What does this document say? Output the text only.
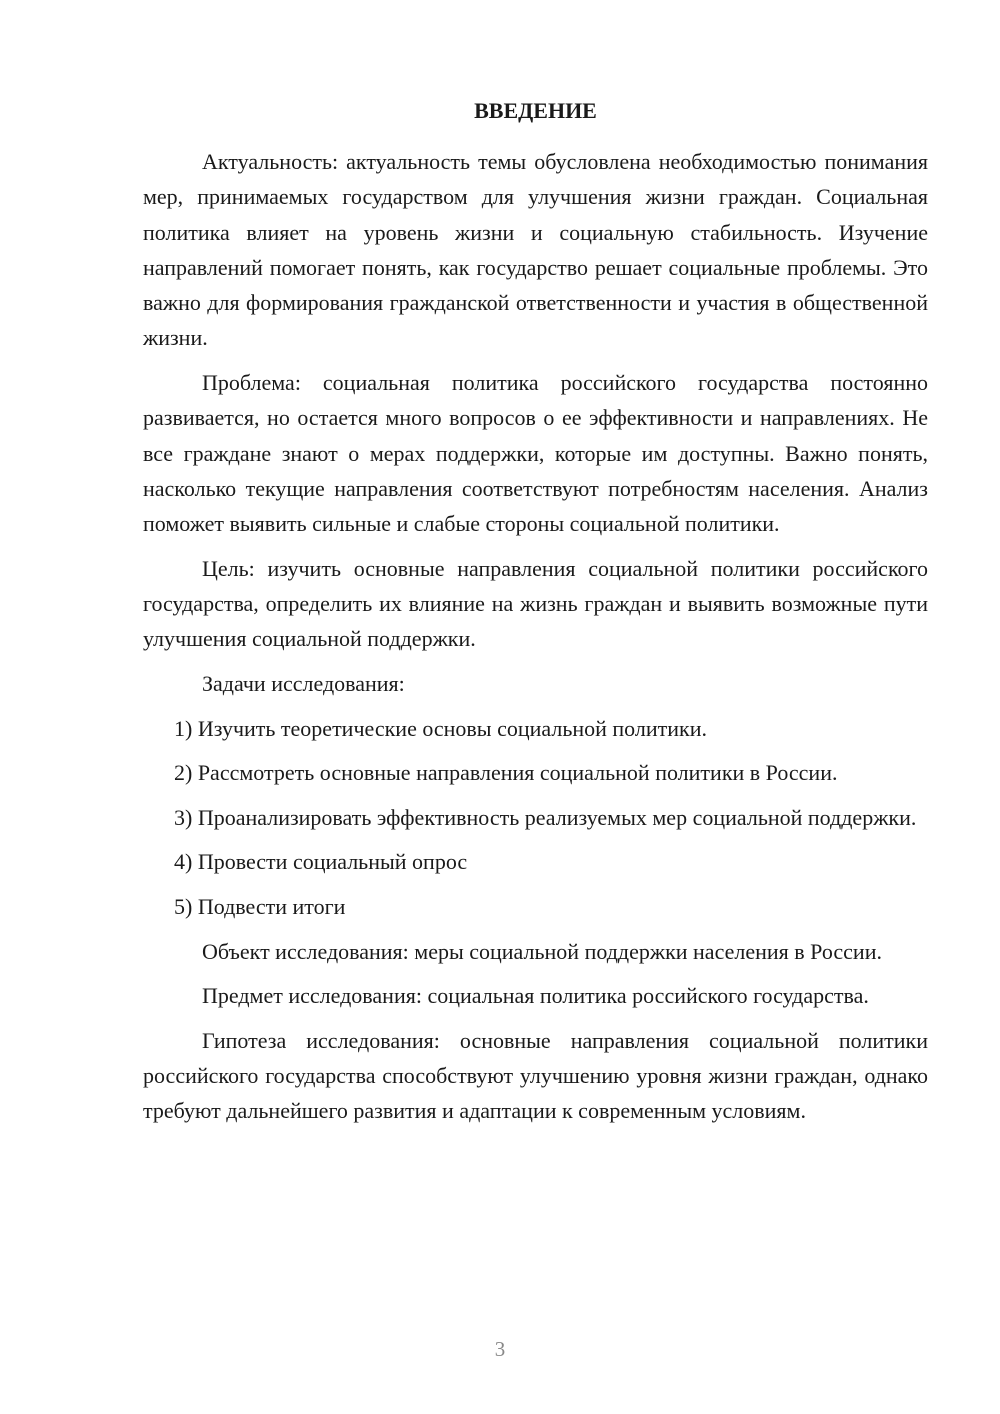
ВВЕДЕНИЕ

Актуальность: актуальность темы обусловлена необходимостью понимания мер, принимаемых государством для улучшения жизни граждан. Социальная политика влияет на уровень жизни и социальную стабильность. Изучение направлений помогает понять, как государство решает социальные проблемы. Это важно для формирования гражданской ответственности и участия в общественной жизни.

Проблема: социальная политика российского государства постоянно развивается, но остается много вопросов о ее эффективности и направлениях. Не все граждане знают о мерах поддержки, которые им доступны. Важно понять, насколько текущие направления соответствуют потребностям населения. Анализ поможет выявить сильные и слабые стороны социальной политики.

Цель: изучить основные направления социальной политики российского государства, определить их влияние на жизнь граждан и выявить возможные пути улучшения социальной поддержки.

Задачи исследования:

1) Изучить теоретические основы социальной политики.

2) Рассмотреть основные направления социальной политики в России.

3) Проанализировать эффективность реализуемых мер социальной поддержки.

4) Провести социальный опрос

5) Подвести итоги

Объект исследования: меры социальной поддержки населения в России.

Предмет исследования: социальная политика российского государства.

Гипотеза исследования: основные направления социальной политики российского государства способствуют улучшению уровня жизни граждан, однако требуют дальнейшего развития и адаптации к современным условиям.

3
